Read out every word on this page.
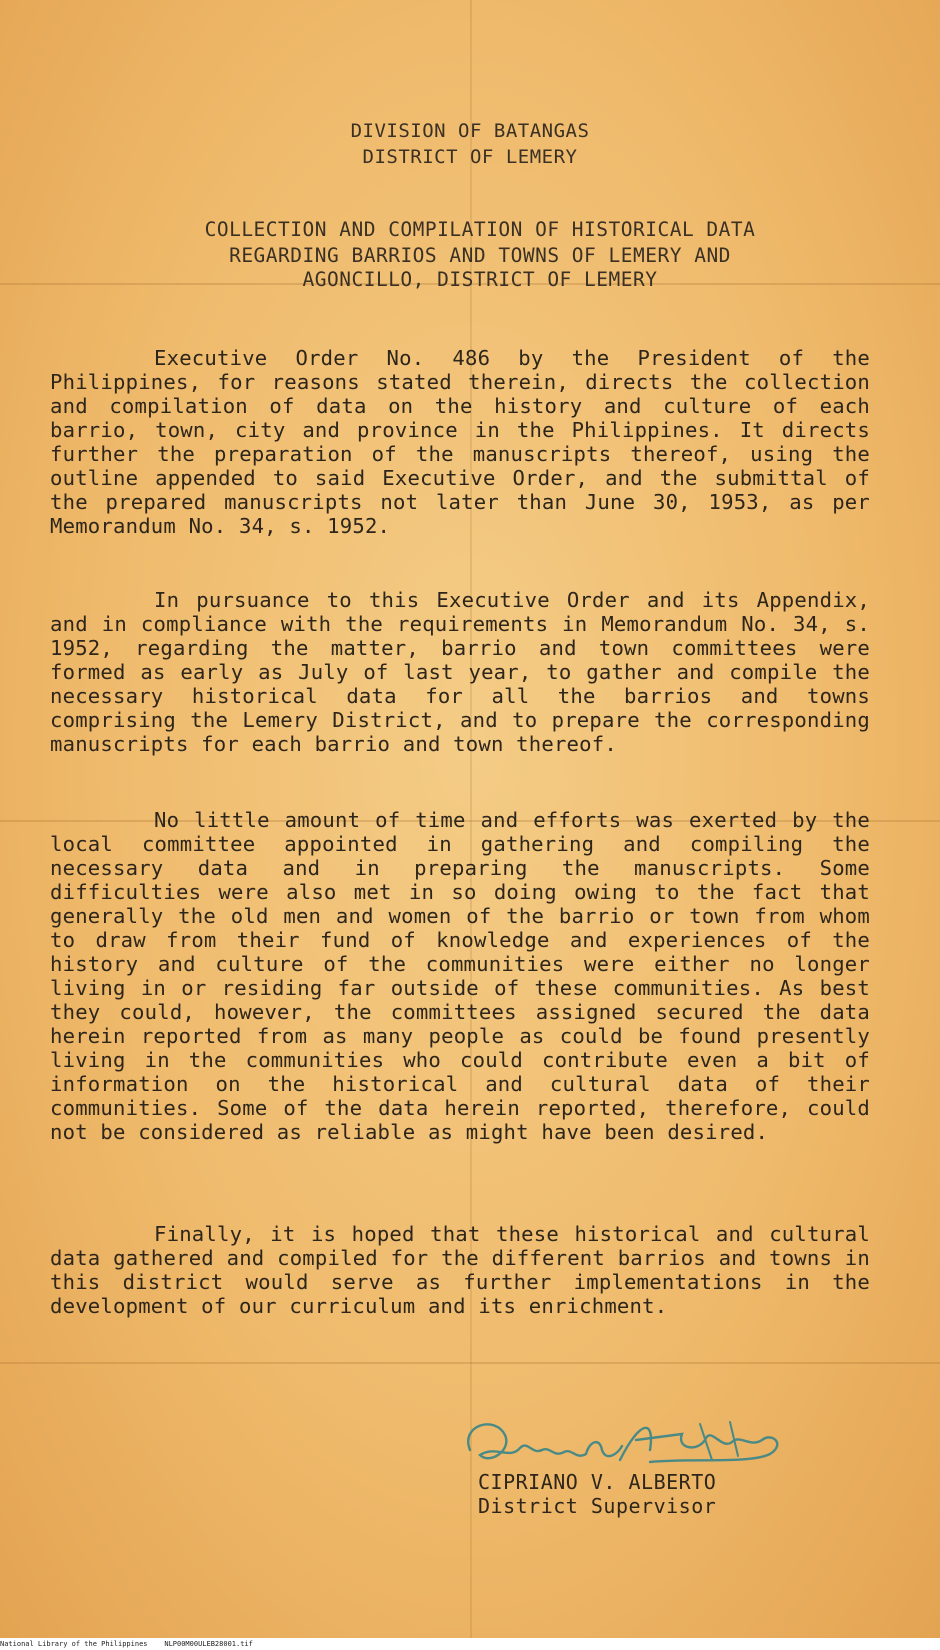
DIVISION OF BATANGAS
DISTRICT OF LEMERY
COLLECTION AND COMPILATION OF HISTORICAL DATA
REGARDING BARRIOS AND TOWNS OF LEMERY AND
AGONCILLO, DISTRICT OF LEMERY
Executive Order No. 486 by the President of the Philippines, for reasons stated therein, directs the collection and compilation of data on the history and culture of each barrio, town, city and province in the Philippines. It directs further the preparation of the manuscripts thereof, using the outline appended to said Executive Order, and the submittal of the prepared manuscripts not later than June 30, 1953, as per Memorandum No. 34, s. 1952.
In pursuance to this Executive Order and its Appendix, and in compliance with the requirements in Memorandum No. 34, s. 1952, regarding the matter, barrio and town committees were formed as early as July of last year, to gather and compile the necessary historical data for all the barrios and towns comprising the Lemery District, and to prepare the corresponding manuscripts for each barrio and town thereof.
No little amount of time and efforts was exerted by the local committee appointed in gathering and compiling the necessary data and in preparing the manuscripts. Some difficulties were also met in so doing owing to the fact that generally the old men and women of the barrio or town from whom to draw from their fund of knowledge and experiences of the history and culture of the communities were either no longer living in or residing far outside of these communities. As best they could, however, the committees assigned secured the data herein reported from as many people as could be found presently living in the communities who could contribute even a bit of information on the historical and cultural data of their communities. Some of the data herein reported, therefore, could not be considered as reliable as might have been desired.
Finally, it is hoped that these historical and cultural data gathered and compiled for the different barrios and towns in this district would serve as further implementations in the development of our curriculum and its enrichment.
CIPRIANO V. ALBERTO
District Supervisor
National Library of the Philippines    NLP00M00ULEB28001.tif
